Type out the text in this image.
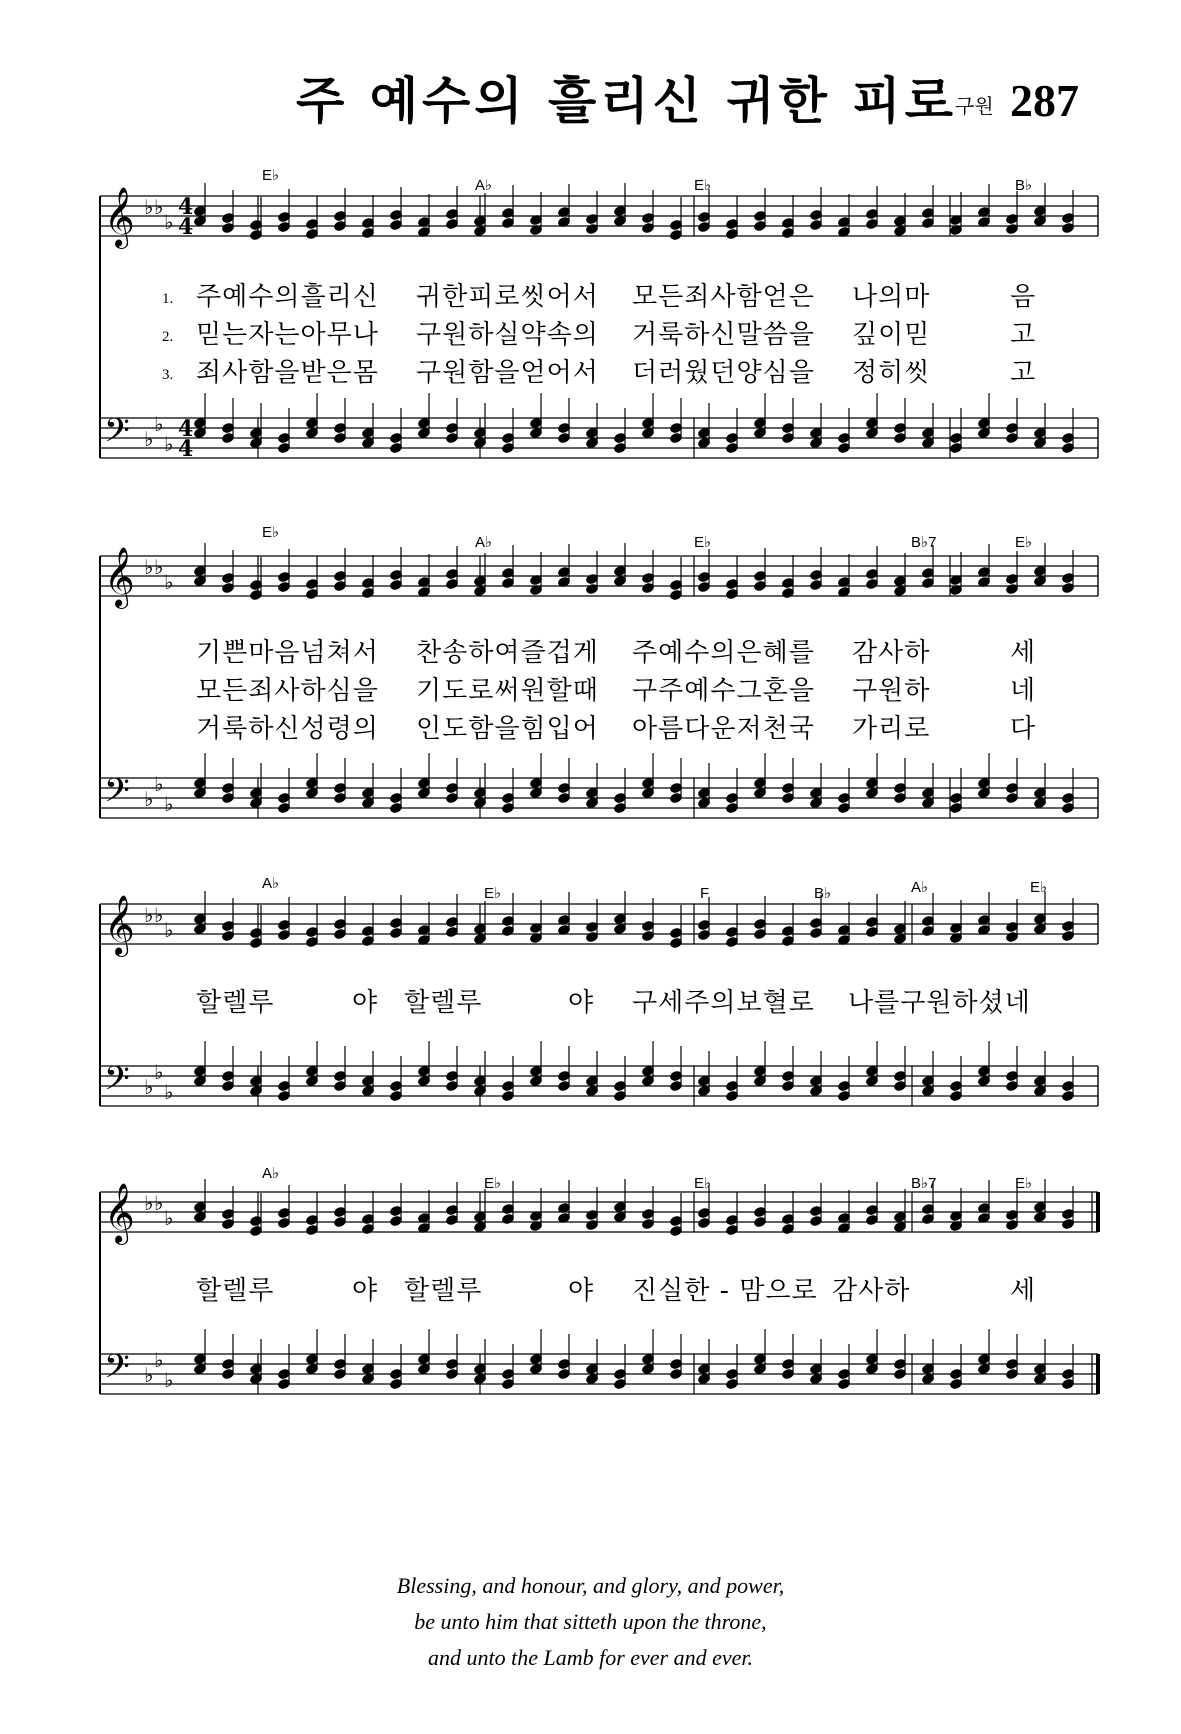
주 예수의 흘리신 귀한 피로
구원 287
𝄞 ♭ ♭
♭
𝄢 ♭
♭
♭
4
4
4
4
𝄞 ♭ ♭
♭
𝄢 ♭
♭
♭
𝄞 ♭ ♭
♭
𝄢 ♭
♭
♭
𝄞 ♭ ♭
♭
𝄢 ♭
♭
♭
E♭
A♭	E♭	B♭
1. 주예수의흘리신 귀한피로씻어서 모든죄사함얻은 나의마	음
2. 믿는자는아무나 구원하실약속의 거룩하신말씀을 깊이믿	고
3. 죄사함을받은몸 구원함을얻어서 더러웠던양심을 정히씻	고
E♭
A♭	E♭	B♭7	E♭
기쁜마음넘쳐서 찬송하여즐겁게 주예수의은혜를 감사하	세
모든죄사하심을 기도로써원할때 구주예수그혼을 구원하	네
거룩하신성령의 인도함을힘입어 아름다운저천국 가리로	다
A♭
E♭	F	B♭	A♭	E♭
할렐루	야 할렐루	야 구세주의보혈로 나를구원하셨네
A♭
E♭	E♭	B♭7	E♭
할렐루	야 할렐루	야 진실한 - 맘으로 감사하	세
Blessing, and honour, and glory, and power,
be unto him that sitteth upon the throne,
and unto the Lamb for ever and ever.
